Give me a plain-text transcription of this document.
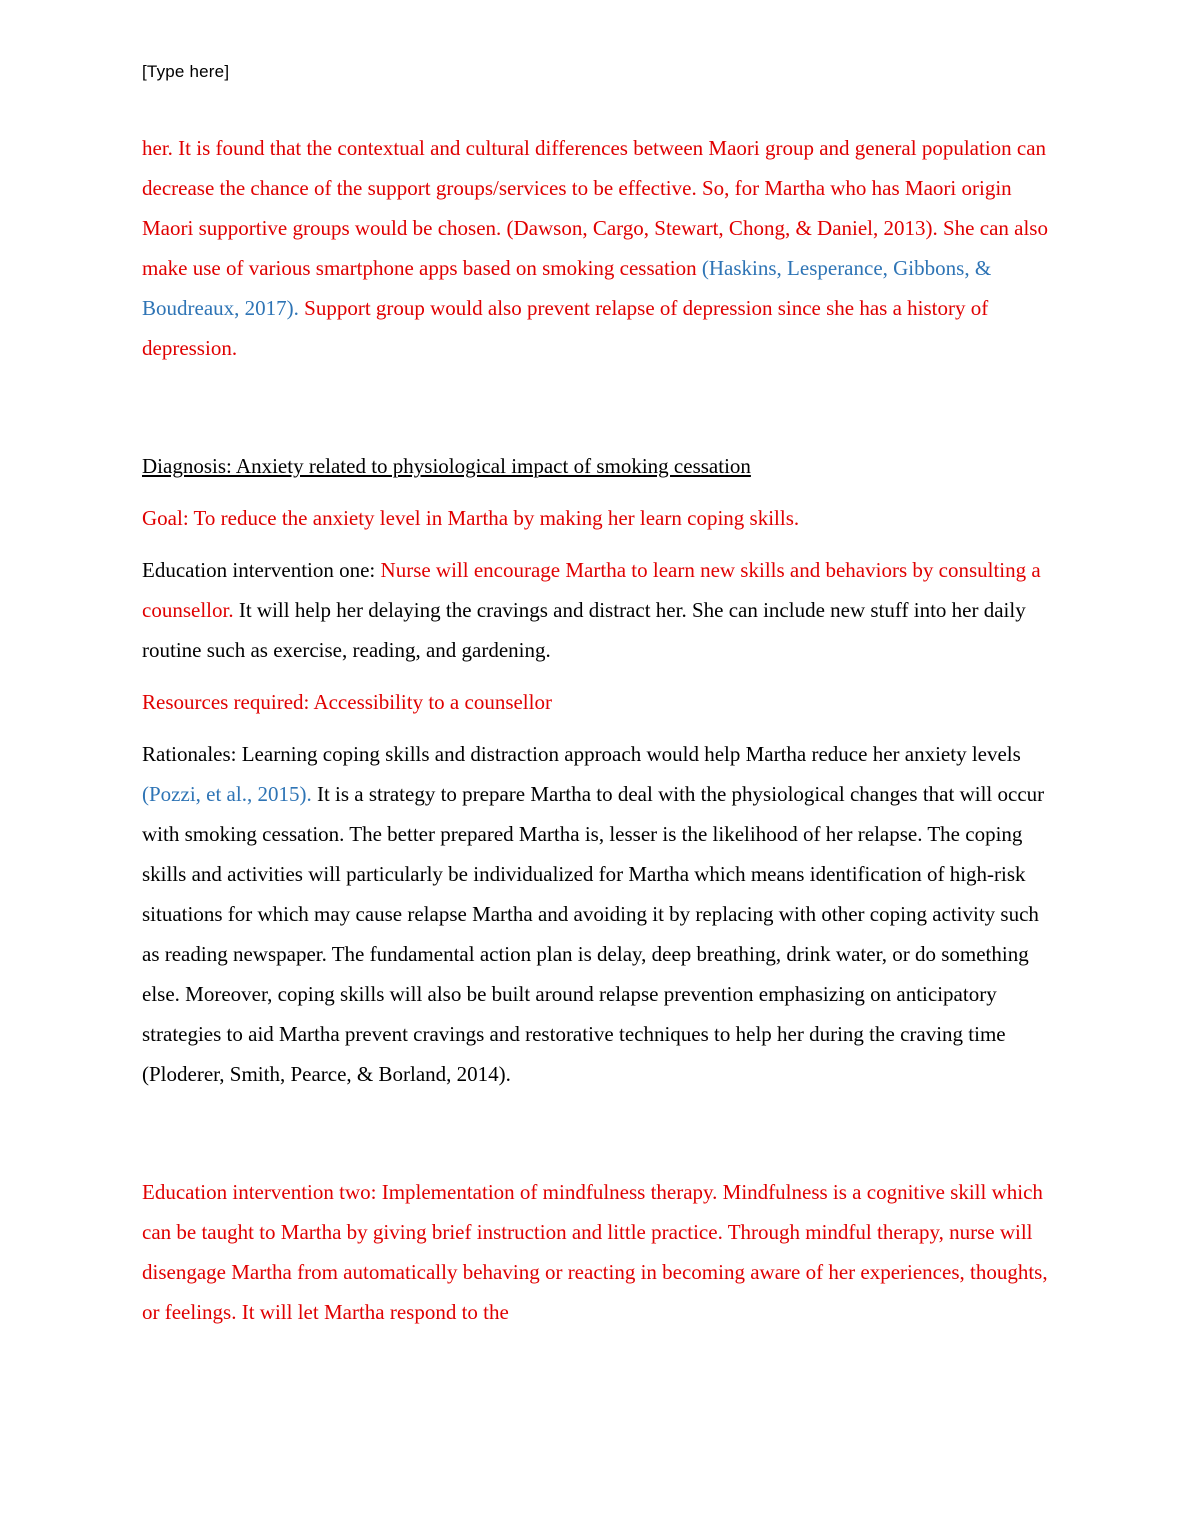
[Type here]

her. It is found that the contextual and cultural differences between Maori group and general population can decrease the chance of the support groups/services to be effective. So, for Martha who has Maori origin Maori supportive groups would be chosen. (Dawson, Cargo, Stewart, Chong, & Daniel, 2013). She can also make use of various smartphone apps based on smoking cessation (Haskins, Lesperance, Gibbons, & Boudreaux, 2017). Support group would also prevent relapse of depression since she has a history of depression.

Diagnosis: Anxiety related to physiological impact of smoking cessation

Goal: To reduce the anxiety level in Martha by making her learn coping skills.

Education intervention one: Nurse will encourage Martha to learn new skills and behaviors by consulting a counsellor. It will help her delaying the cravings and distract her. She can include new stuff into her daily routine such as exercise, reading, and gardening.

Resources required: Accessibility to a counsellor

Rationales: Learning coping skills and distraction approach would help Martha reduce her anxiety levels (Pozzi, et al., 2015). It is a strategy to prepare Martha to deal with the physiological changes that will occur with smoking cessation. The better prepared Martha is, lesser is the likelihood of her relapse. The coping skills and activities will particularly be individualized for Martha which means identification of high-risk situations for which may cause relapse Martha and avoiding it by replacing with other coping activity such as reading newspaper. The fundamental action plan is delay, deep breathing, drink water, or do something else. Moreover, coping skills will also be built around relapse prevention emphasizing on anticipatory strategies to aid Martha prevent cravings and restorative techniques to help her during the craving time (Ploderer, Smith, Pearce, & Borland, 2014).

Education intervention two: Implementation of mindfulness therapy. Mindfulness is a cognitive skill which can be taught to Martha by giving brief instruction and little practice. Through mindful therapy, nurse will disengage Martha from automatically behaving or reacting in becoming aware of her experiences, thoughts, or feelings. It will let Martha respond to the
